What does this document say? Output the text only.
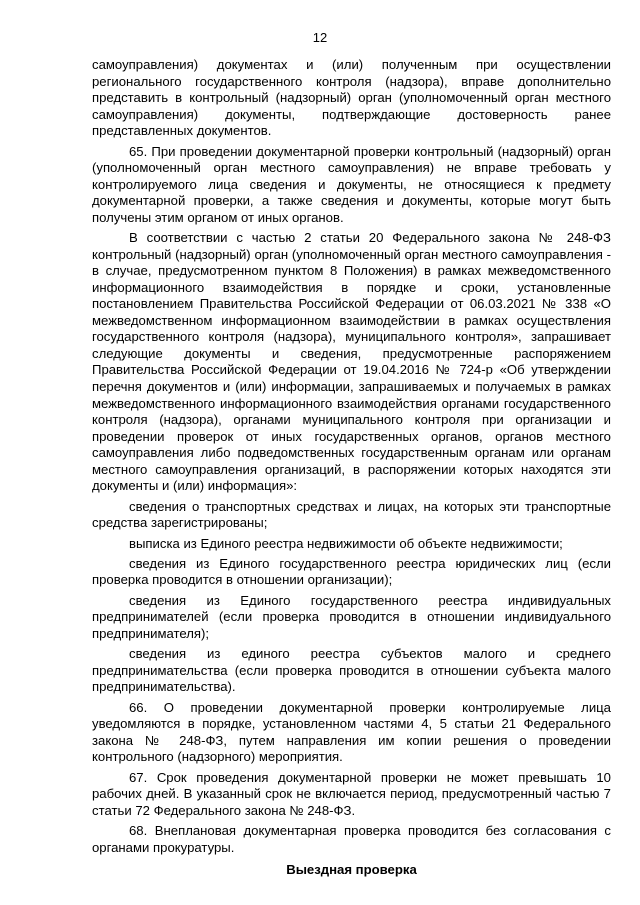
12

самоуправления) документах и (или) полученным при осуществлении регионального государственного контроля (надзора), вправе дополнительно представить в контрольный (надзорный) орган (уполномоченный орган местного самоуправления) документы, подтверждающие достоверность ранее представленных документов.

65. При проведении документарной проверки контрольный (надзорный) орган (уполномоченный орган местного самоуправления) не вправе требовать у контролируемого лица сведения и документы, не относящиеся к предмету документарной проверки, а также сведения и документы, которые могут быть получены этим органом от иных органов.

В соответствии с частью 2 статьи 20 Федерального закона № 248-ФЗ контрольный (надзорный) орган (уполномоченный орган местного самоуправления - в случае, предусмотренном пунктом 8 Положения) в рамках межведомственного информационного взаимодействия в порядке и сроки, установленные постановлением Правительства Российской Федерации от 06.03.2021 № 338 «О межведомственном информационном взаимодействии в рамках осуществления государственного контроля (надзора), муниципального контроля», запрашивает следующие документы и сведения, предусмотренные распоряжением Правительства Российской Федерации от 19.04.2016 № 724-р «Об утверждении перечня документов и (или) информации, запрашиваемых и получаемых в рамках межведомственного информационного взаимодействия органами государственного контроля (надзора), органами муниципального контроля при организации и проведении проверок от иных государственных органов, органов местного самоуправления либо подведомственных государственным органам или органам местного самоуправления организаций, в распоряжении которых находятся эти документы и (или) информация»:

сведения о транспортных средствах и лицах, на которых эти транспортные средства зарегистрированы;

выписка из Единого реестра недвижимости об объекте недвижимости;

сведения из Единого государственного реестра юридических лиц (если проверка проводится в отношении организации);

сведения из Единого государственного реестра индивидуальных предпринимателей (если проверка проводится в отношении индивидуального предпринимателя);

сведения из единого реестра субъектов малого и среднего предпринимательства (если проверка проводится в отношении субъекта малого предпринимательства).

66. О проведении документарной проверки контролируемые лица уведомляются в порядке, установленном частями 4, 5 статьи 21 Федерального закона № 248-ФЗ, путем направления им копии решения о проведении контрольного (надзорного) мероприятия.

67. Срок проведения документарной проверки не может превышать 10 рабочих дней. В указанный срок не включается период, предусмотренный частью 7 статьи 72 Федерального закона № 248-ФЗ.

68. Внеплановая документарная проверка проводится без согласования с органами прокуратуры.

Выездная проверка
